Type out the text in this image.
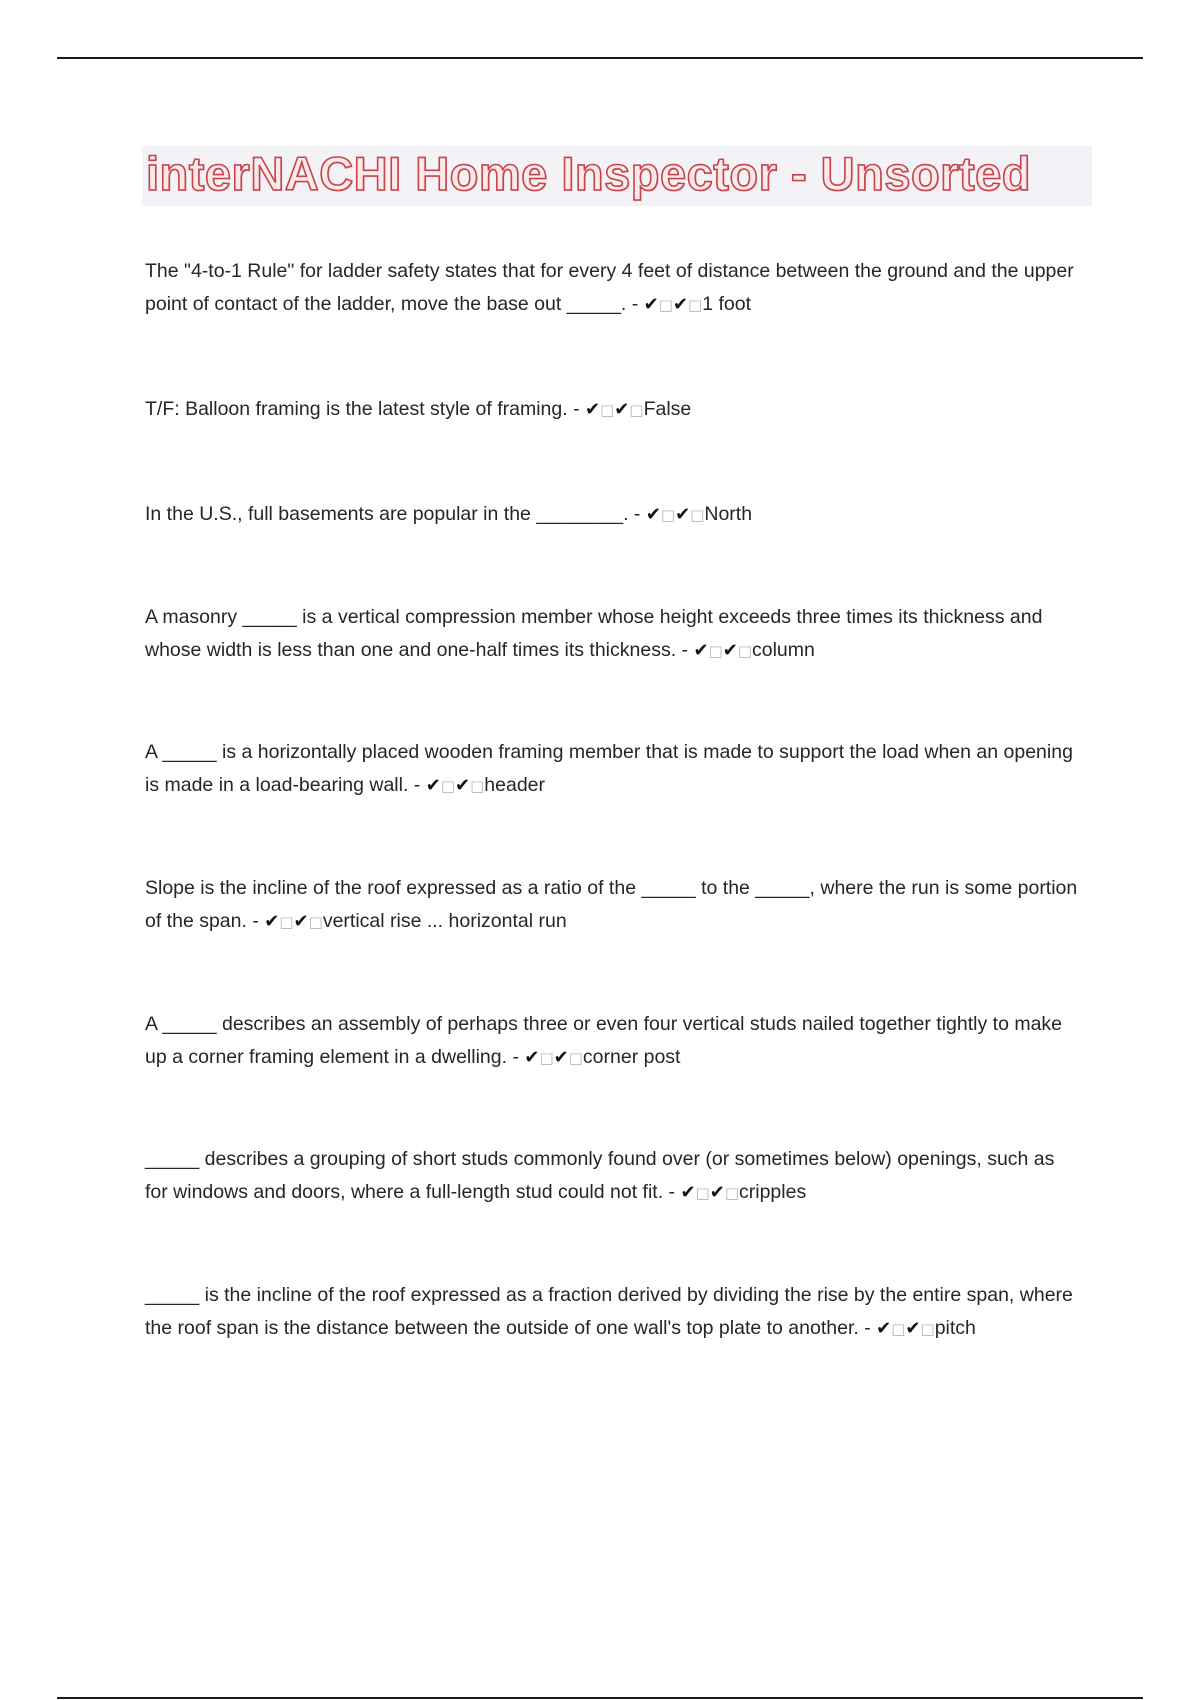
interNACHI Home Inspector - Unsorted

The "4-to-1 Rule" for ladder safety states that for every 4 feet of distance between the ground and the upper point of contact of the ladder, move the base out _____. - ✔□✔□1 foot

T/F: Balloon framing is the latest style of framing. - ✔□✔□False

In the U.S., full basements are popular in the ________. - ✔□✔□North

A masonry _____ is a vertical compression member whose height exceeds three times its thickness and whose width is less than one and one-half times its thickness. - ✔□✔□column

A _____ is a horizontally placed wooden framing member that is made to support the load when an opening is made in a load-bearing wall. - ✔□✔□header

Slope is the incline of the roof expressed as a ratio of the _____ to the _____, where the run is some portion of the span. - ✔□✔□vertical rise ... horizontal run

A _____ describes an assembly of perhaps three or even four vertical studs nailed together tightly to make up a corner framing element in a dwelling. - ✔□✔□corner post

_____ describes a grouping of short studs commonly found over (or sometimes below) openings, such as for windows and doors, where a full-length stud could not fit. - ✔□✔□cripples

_____ is the incline of the roof expressed as a fraction derived by dividing the rise by the entire span, where the roof span is the distance between the outside of one wall's top plate to another. - ✔□✔□pitch
